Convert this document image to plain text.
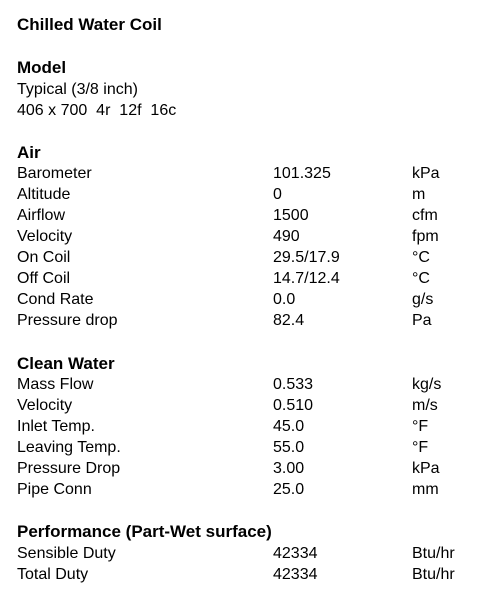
Chilled Water Coil
Model
Typical (3/8 inch)
406 x 700  4r  12f  16c
Air
Barometer	101.325	kPa
Altitude	0	m
Airflow	1500	cfm
Velocity	490	fpm
On Coil	29.5/17.9	°C
Off Coil	14.7/12.4	°C
Cond Rate	0.0	g/s
Pressure drop	82.4	Pa
Clean Water
Mass Flow	0.533	kg/s
Velocity	0.510	m/s
Inlet Temp.	45.0	°F
Leaving Temp.	55.0	°F
Pressure Drop	3.00	kPa
Pipe Conn	25.0	mm
Performance (Part-Wet surface)
Sensible Duty	42334	Btu/hr
Total Duty	42334	Btu/hr
